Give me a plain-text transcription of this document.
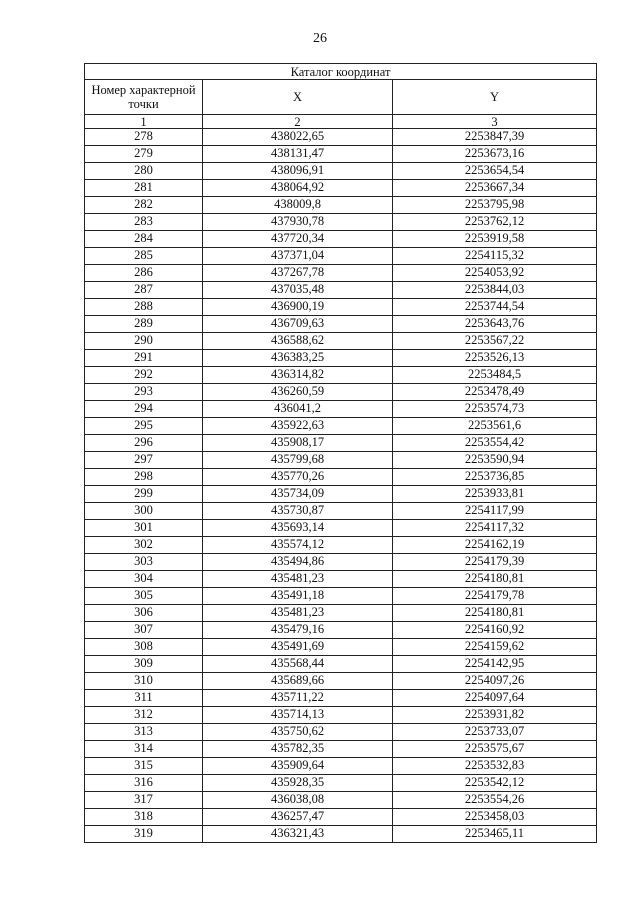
26
Каталог координат		
Номер характерной точки	X	Y
1	2	3
278	438022,65	2253847,39
279	438131,47	2253673,16
280	438096,91	2253654,54
281	438064,92	2253667,34
282	438009,8	2253795,98
283	437930,78	2253762,12
284	437720,34	2253919,58
285	437371,04	2254115,32
286	437267,78	2254053,92
287	437035,48	2253844,03
288	436900,19	2253744,54
289	436709,63	2253643,76
290	436588,62	2253567,22
291	436383,25	2253526,13
292	436314,82	2253484,5
293	436260,59	2253478,49
294	436041,2	2253574,73
295	435922,63	2253561,6
296	435908,17	2253554,42
297	435799,68	2253590,94
298	435770,26	2253736,85
299	435734,09	2253933,81
300	435730,87	2254117,99
301	435693,14	2254117,32
302	435574,12	2254162,19
303	435494,86	2254179,39
304	435481,23	2254180,81
305	435491,18	2254179,78
306	435481,23	2254180,81
307	435479,16	2254160,92
308	435491,69	2254159,62
309	435568,44	2254142,95
310	435689,66	2254097,26
311	435711,22	2254097,64
312	435714,13	2253931,82
313	435750,62	2253733,07
314	435782,35	2253575,67
315	435909,64	2253532,83
316	435928,35	2253542,12
317	436038,08	2253554,26
318	436257,47	2253458,03
319	436321,43	2253465,11
